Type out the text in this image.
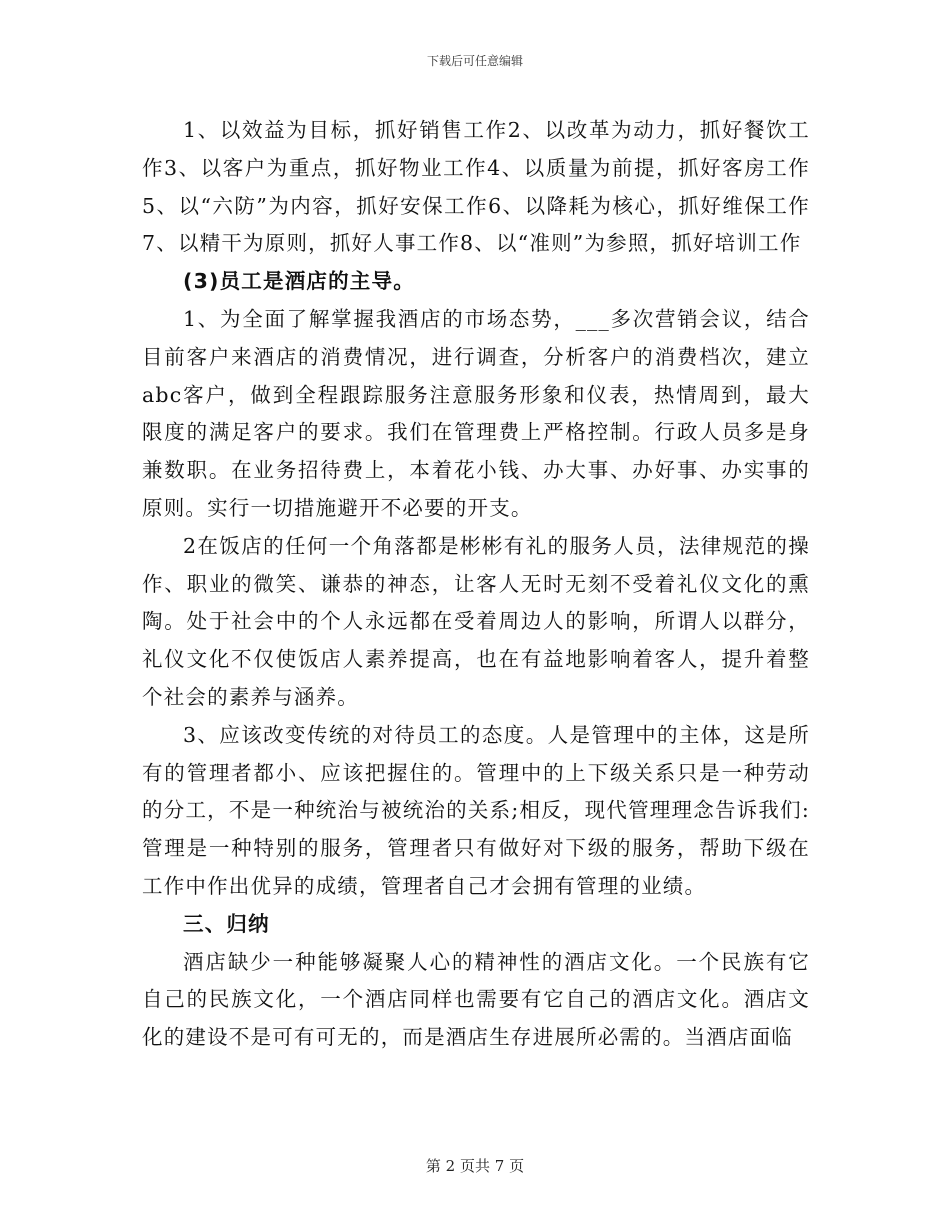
下载后可任意编辑

1、以效益为目标，抓好销售工作2、以改革为动力，抓好餐饮工作3、以客户为重点，抓好物业工作4、以质量为前提，抓好客房工作5、以“六防”为内容，抓好安保工作6、以降耗为核心，抓好维保工作7、以精干为原则，抓好人事工作8、以“准则”为参照，抓好培训工作

(3)员工是酒店的主导。

1、为全面了解掌握我酒店的市场态势，___多次营销会议，结合目前客户来酒店的消费情况，进行调查，分析客户的消费档次，建立abc客户，做到全程跟踪服务注意服务形象和仪表，热情周到，最大限度的满足客户的要求。我们在管理费上严格控制。行政人员多是身兼数职。在业务招待费上，本着花小钱、办大事、办好事、办实事的原则。实行一切措施避开不必要的开支。

2在饭店的任何一个角落都是彬彬有礼的服务人员，法律规范的操作、职业的微笑、谦恭的神态，让客人无时无刻不受着礼仪文化的熏陶。处于社会中的个人永远都在受着周边人的影响，所谓人以群分，礼仪文化不仅使饭店人素养提高，也在有益地影响着客人，提升着整个社会的素养与涵养。

3、应该改变传统的对待员工的态度。人是管理中的主体，这是所有的管理者都小、应该把握住的。管理中的上下级关系只是一种劳动的分工，不是一种统治与被统治的关系;相反，现代管理理念告诉我们:管理是一种特别的服务，管理者只有做好对下级的服务，帮助下级在工作中作出优异的成绩，管理者自己才会拥有管理的业绩。

三、归纳

酒店缺少一种能够凝聚人心的精神性的酒店文化。一个民族有它自己的民族文化，一个酒店同样也需要有它自己的酒店文化。酒店文化的建设不是可有可无的，而是酒店生存进展所必需的。当酒店面临

第 2 页共 7 页
